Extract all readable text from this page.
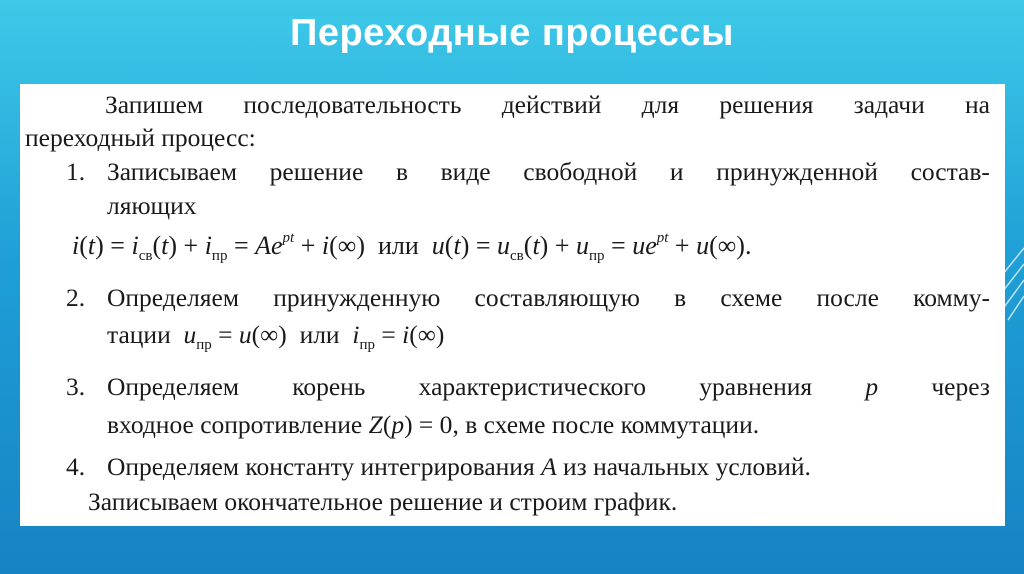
Переходные процессы
Запишем последовательность действий для решения задачи на
переходный процесс:
1. Записываем решение в виде свободной и принужденной состав-
ляющих
$i(t) = i_{св}(t) + i_{пр} = Ae^{pt} + i(\infty)$  или  $u(t) = u_{св}(t) + u_{пр} = ue^{pt} + u(\infty)$.
2. Определяем принужденную составляющую в схеме после комму-
тации $u_{пр} = u(\infty)$  или $i_{пр} = i(\infty)$
3. Определяем корень характеристического уравнения p через
входное сопротивление Z(p) = 0, в схеме после коммутации.
4. Определяем константу интегрирования A из начальных условий.
Записываем окончательное решение и строим график.
